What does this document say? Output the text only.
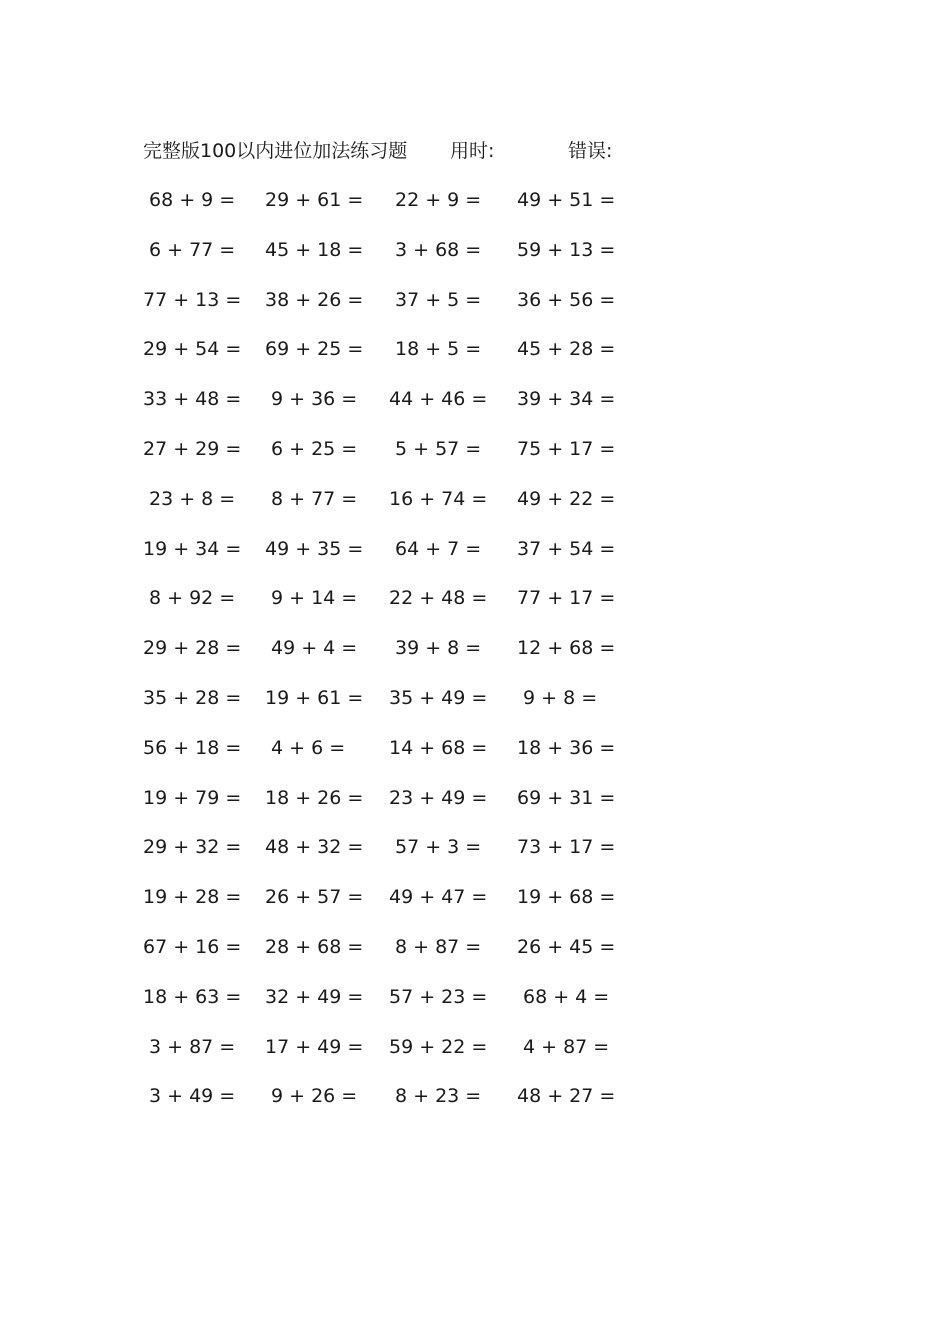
完整版100以内进位加法练习题 用时:	错误:
68 + 9 = 29 + 61 =	22 + 9 =	49 + 51 =
6 + 77 = 45 + 18 =	3 + 68 =	59 + 13 =
77 + 13 = 38 + 26 =	37 + 5 =	36 + 56 =
29 + 54 = 69 + 25 =	18 + 5 =	45 + 28 =
33 + 48 =	9 + 36 = 44 + 46 = 39 + 34 =
27 + 29 =	6 + 25 =	5 + 57 =	75 + 17 =
23 + 8 =	8 + 77 = 16 + 74 = 49 + 22 =
19 + 34 = 49 + 35 =	64 + 7 =	37 + 54 =
8 + 92 =	9 + 14 = 22 + 48 = 77 + 17 =
29 + 28 =	49 + 4 =	39 + 8 =	12 + 68 =
35 + 28 = 19 + 61 = 35 + 49 =	9 + 8 =
56 + 18 =	4 + 6 =	14 + 68 = 18 + 36 =
19 + 79 = 18 + 26 = 23 + 49 = 69 + 31 =
29 + 32 = 48 + 32 =	57 + 3 =	73 + 17 =
19 + 28 = 26 + 57 = 49 + 47 = 19 + 68 =
67 + 16 = 28 + 68 =	8 + 87 =	26 + 45 =
18 + 63 = 32 + 49 = 57 + 23 =	68 + 4 =
3 + 87 = 17 + 49 = 59 + 22 =	4 + 87 =
3 + 49 =	9 + 26 =	8 + 23 =	48 + 27 =
